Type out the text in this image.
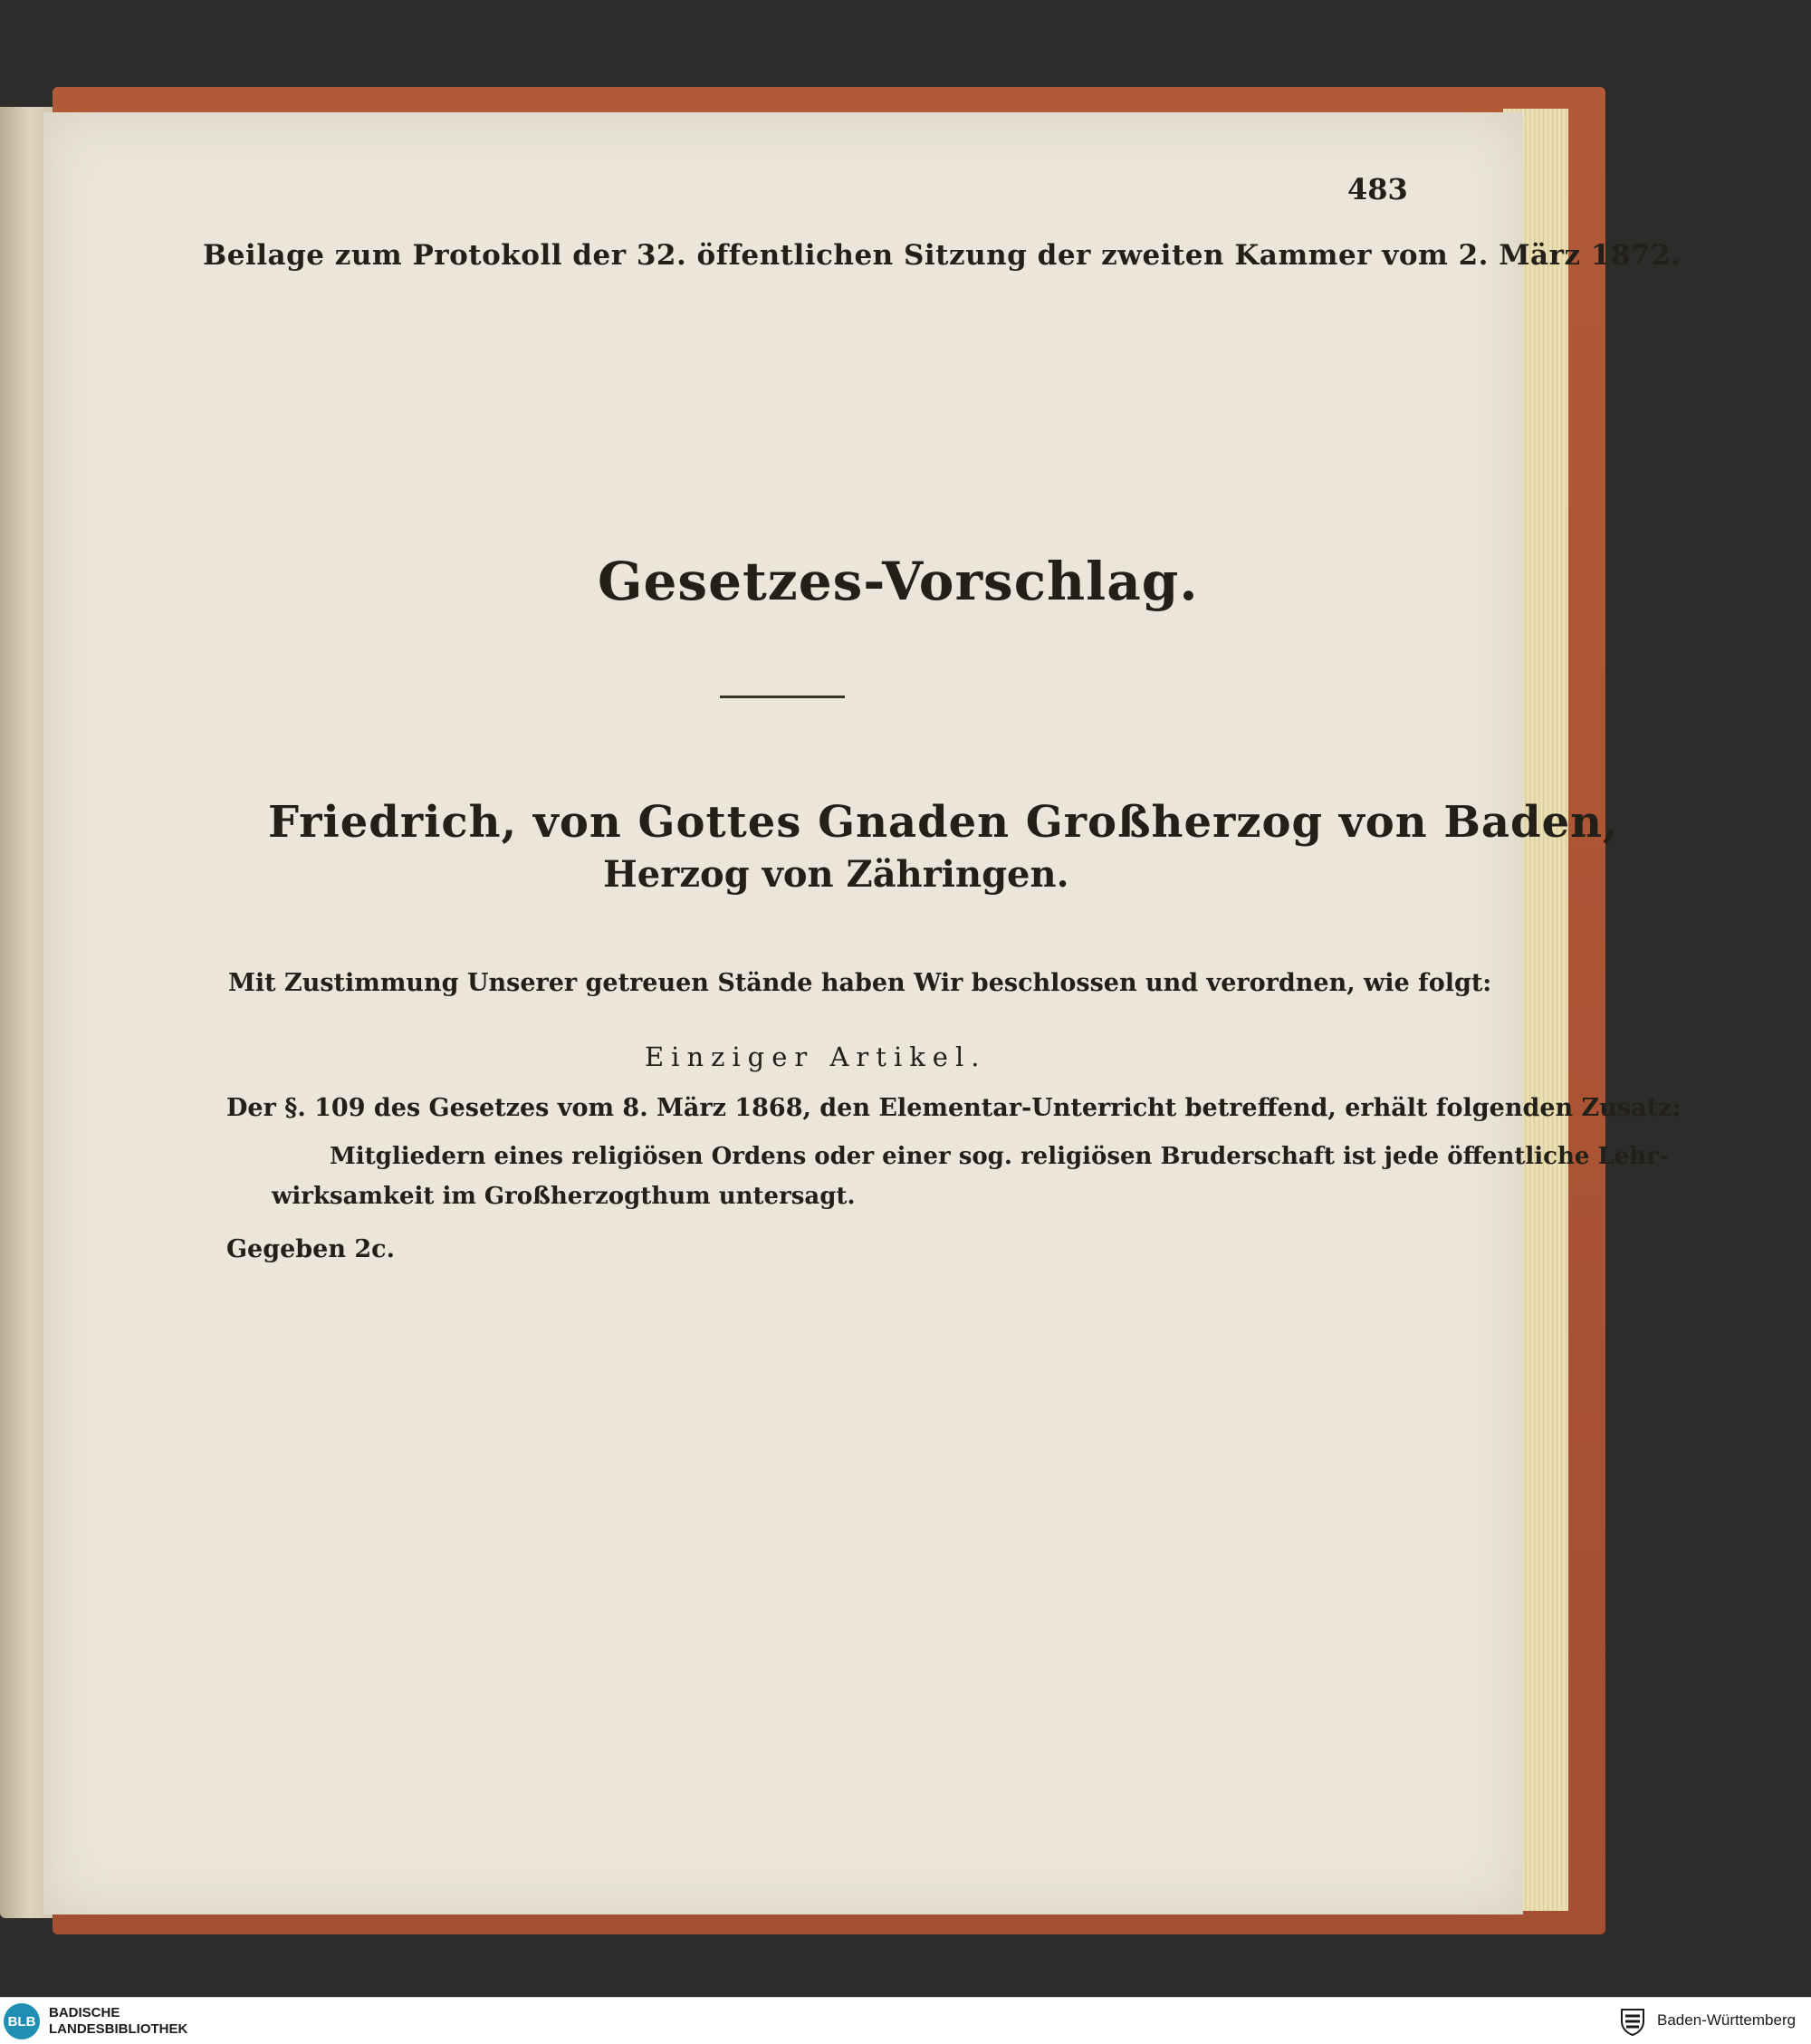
483
Beilage zum Protokoll der 32. öffentlichen Sitzung der zweiten Kammer vom 2. März 1872.
Gesetzes-Vorschlag.
Friedrich, von Gottes Gnaden Großherzog von Baden,
Herzog von Zähringen.
Mit Zustimmung Unserer getreuen Stände haben Wir beschlossen und verordnen, wie folgt:
Einziger Artikel.
Der §. 109 des Gesetzes vom 8. März 1868, den Elementar-Unterricht betreffend, erhält folgenden Zusatz:
Mitgliedern eines religiösen Ordens oder einer sog. religiösen Bruderschaft ist jede öffentliche Lehr-
wirksamkeit im Großherzogthum untersagt.
Gegeben 2c.
BLB
BADISCHE
LANDESBIBLIOTHEK
Baden-Württemberg
